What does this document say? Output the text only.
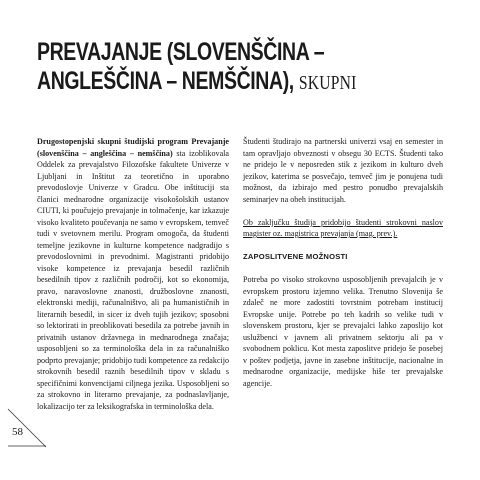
PREVAJANJE (SLOVENŠČINA –
ANGLEŠČINA – NEMŠČINA), SKUPNI

Drugostopenjski skupni študijski program Prevajanje (slovenščina – angleščina – nemščina) sta izoblikovala Oddelek za prevajalstvo Filozofske fakultete Univerze v Ljubljani in Inštitut za teoretično in uporabno prevodoslovje Univerze v Gradcu. Obe inštituciji sta članici mednarodne organizacije visokošolskih ustanov CIUTI, ki poučujejo prevajanje in tolmačenje, kar izkazuje visoko kvaliteto poučevanja ne samo v evropskem, temveč tudi v svetovnem merilu. Program omogoča, da študenti temeljne jezikovne in kulturne kompetence nadgradijo s prevodoslovnimi in prevodnimi. Magistranti pridobijo visoke kompetence iz prevajanja besedil različnih besedilnih tipov z različnih področij, kot so ekonomija, pravo, naravoslovne znanosti, družboslovne znanosti, elektronski mediji, računalništvo, ali pa humanističnih in literarnih besedil, in sicer iz dveh tujih jezikov; sposobni so lektorirati in preoblikovati besedila za potrebe javnih in privatnih ustanov državnega in mednarodnega značaja; usposobljeni so za terminološka dela in za računalniško podprto prevajanje; pridobijo tudi kompetence za redakcijo strokovnih besedil raznih besedilnih tipov v skladu s specifičnimi konvencijami ciljnega jezika. Usposobljeni so za strokovno in literarno prevajanje, za podnaslavljanje, lokalizacijo ter za leksikografska in terminološka dela.

Študenti študirajo na partnerski univerzi vsaj en semester in tam opravljajo obveznosti v obsegu 30 ECTS. Študenti tako ne pridejo le v neposreden stik z jezikom in kulturo dveh jezikov, katerima se posvečajo, temveč jim je ponujena tudi možnost, da izbirajo med pestro ponudbo prevajalskih seminarjev na obeh institucijah.

Ob zaključku študija pridobijo študenti strokovni naslov magister oz. magistrica prevajanja (mag. prev.).

ZAPOSLITVENE MOŽNOSTI

Potreba po visoko strokovno usposobljenih prevajalcih je v evropskem prostoru izjemno velika. Trenutno Slovenija še zdaleč ne more zadostiti tovrstnim potrebam institucij Evropske unije. Potrebe po teh kadrih so velike tudi v slovenskem prostoru, kjer se prevajalci lahko zaposlijo kot uslužbenci v javnem ali privatnem sektorju ali pa v svobodnem poklicu. Kot mesta zaposlitve pridejo še posebej v poštev podjetja, javne in zasebne inštitucije, nacionalne in mednarodne organizacije, medijske hiše ter prevajalske agencije.

58
